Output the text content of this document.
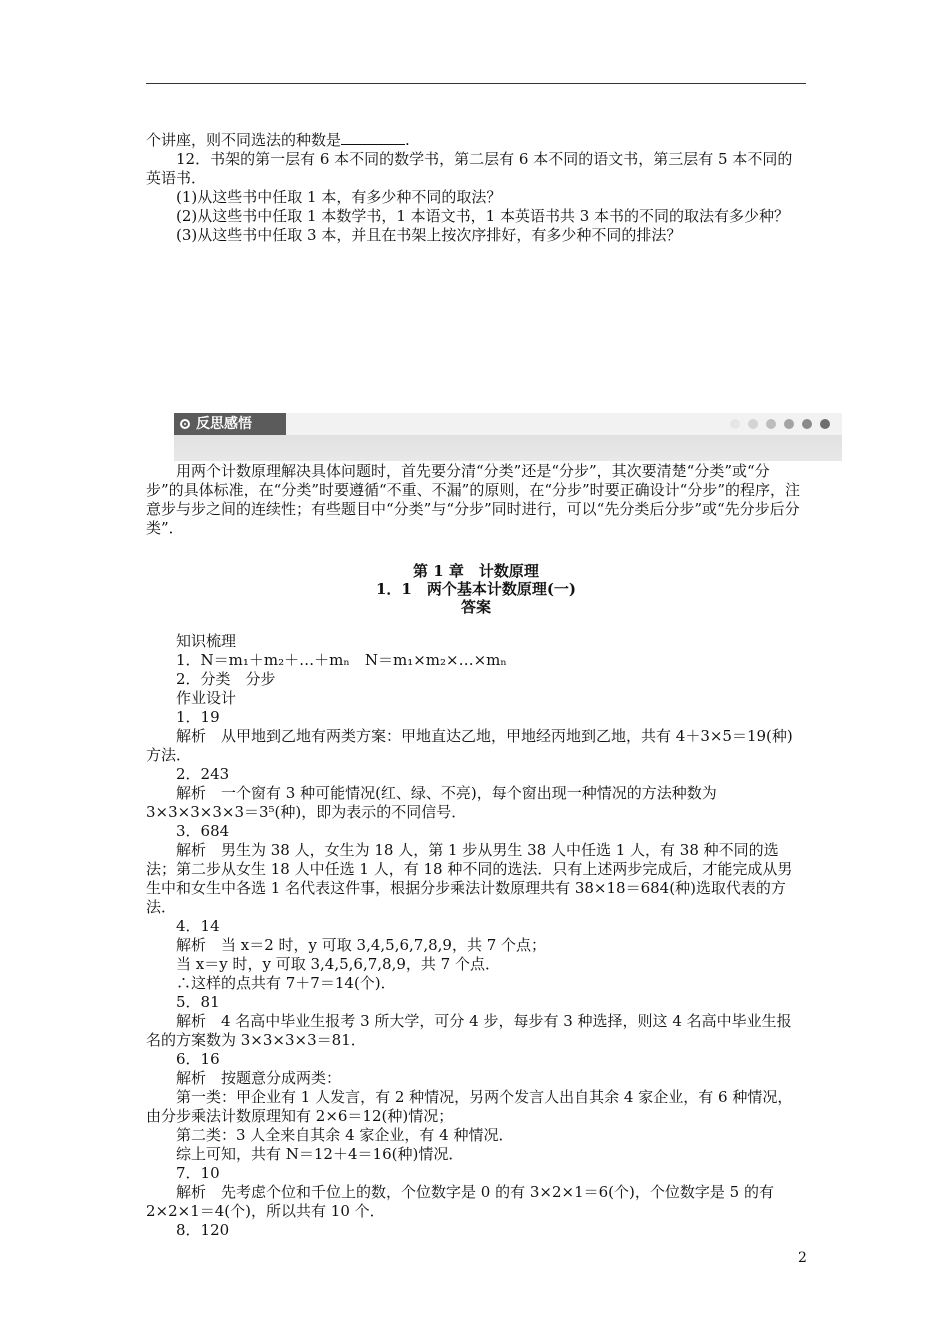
个讲座，则不同选法的种数是	.

12．书架的第一层有 6 本不同的数学书，第二层有 6 本不同的语文书，第三层有 5 本不同的英语书．

(1)从这些书中任取 1 本，有多少种不同的取法？

(2)从这些书中任取 1 本数学书，1 本语文书，1 本英语书共 3 本书的不同的取法有多少种？

(3)从这些书中任取 3 本，并且在书架上按次序排好，有多少种不同的排法？

反思感悟

用两个计数原理解决具体问题时，首先要分清“分类”还是“分步”，其次要清楚“分类”或“分步”的具体标准，在“分类”时要遵循“不重、不漏”的原则，在“分步”时要正确设计“分步”的程序，注意步与步之间的连续性；有些题目中“分类”与“分步”同时进行，可以“先分类后分步”或“先分步后分类”．

第 1 章　计数原理
1．1　两个基本计数原理(一)
答案

知识梳理

1．N＝m₁＋m₂＋…＋mₙ　N＝m₁×m₂×…×mₙ

2．分类　分步

作业设计

1．19

解析　从甲地到乙地有两类方案：甲地直达乙地，甲地经丙地到乙地，共有 4＋3×5＝19(种)方法．

2．243

解析　一个窗有 3 种可能情况(红、绿、不亮)，每个窗出现一种情况的方法种数为 3×3×3×3×3＝3⁵(种)，即为表示的不同信号．

3．684

解析　男生为 38 人，女生为 18 人，第 1 步从男生 38 人中任选 1 人，有 38 种不同的选法；第二步从女生 18 人中任选 1 人，有 18 种不同的选法．只有上述两步完成后，才能完成从男生中和女生中各选 1 名代表这件事，根据分步乘法计数原理共有 38×18＝684(种)选取代表的方法．

4．14

解析　当 x＝2 时，y 可取 3,4,5,6,7,8,9，共 7 个点；

当 x＝y 时，y 可取 3,4,5,6,7,8,9，共 7 个点．

∴这样的点共有 7＋7＝14(个)．

5．81

解析　4 名高中毕业生报考 3 所大学，可分 4 步，每步有 3 种选择，则这 4 名高中毕业生报名的方案数为 3×3×3×3＝81．

6．16

解析　按题意分成两类：

第一类：甲企业有 1 人发言，有 2 种情况，另两个发言人出自其余 4 家企业，有 6 种情况，由分步乘法计数原理知有 2×6＝12(种)情况；

第二类：3 人全来自其余 4 家企业，有 4 种情况．

综上可知，共有 N＝12＋4＝16(种)情况．

7．10

解析　先考虑个位和千位上的数，个位数字是 0 的有 3×2×1＝6(个)，个位数字是 5 的有 2×2×1＝4(个)，所以共有 10 个．

8．120

2
